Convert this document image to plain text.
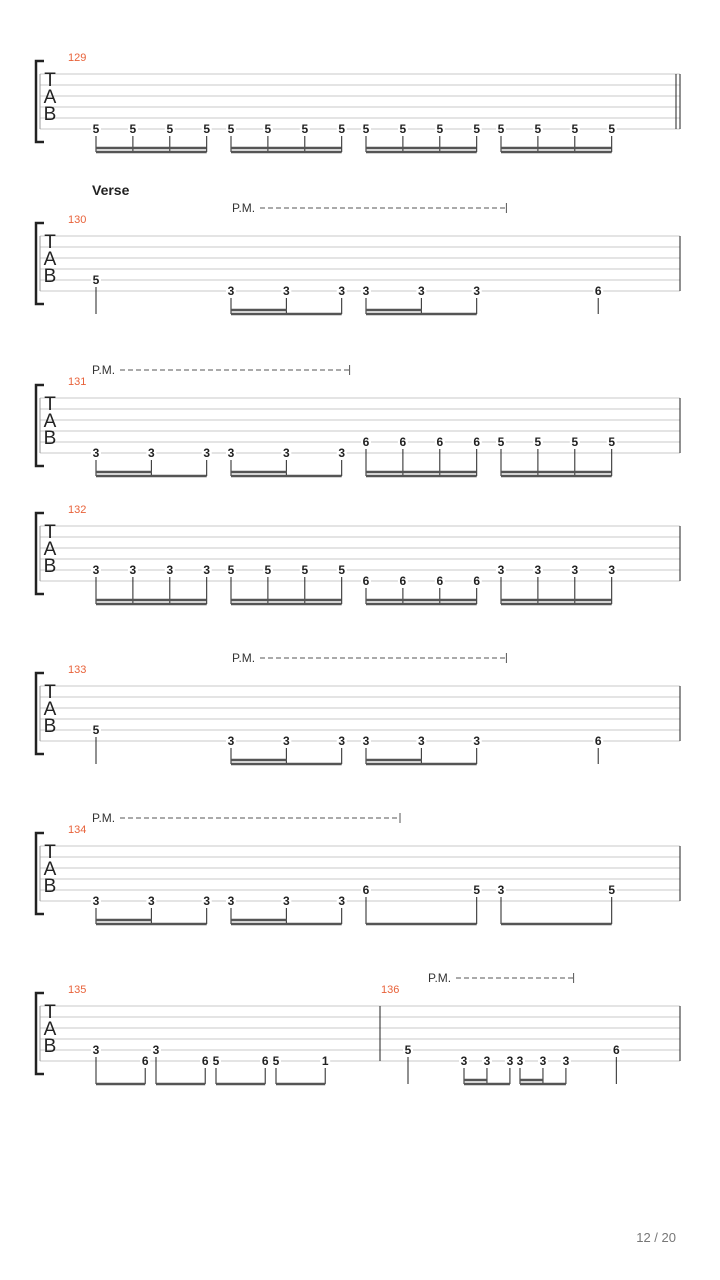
T
A
B
129
5	5	5	5 5	5	5	5 5	5	5	5 5	5	5	5
T
A
B
Verse
P.M.
130
5
3	3	3 3	3	3	6
T
A
B
P.M.
131
3	3	3 3	3	3
6	6	6	6 5	5	5	5
T
A
B
132
3	3	3	3 5	5	5	5
6	6	6	6
3	3	3	3
T
A
B
P.M.
133
5
3	3	3 3	3	3	6
T
A
B
P.M.
134
3	3	3 3	3	3
6	5 3	5
T
A
B
P.M.
135
3
6
3
6 5	6 5	1
136
5
3 3 3 3 3 3
6
12 / 20
